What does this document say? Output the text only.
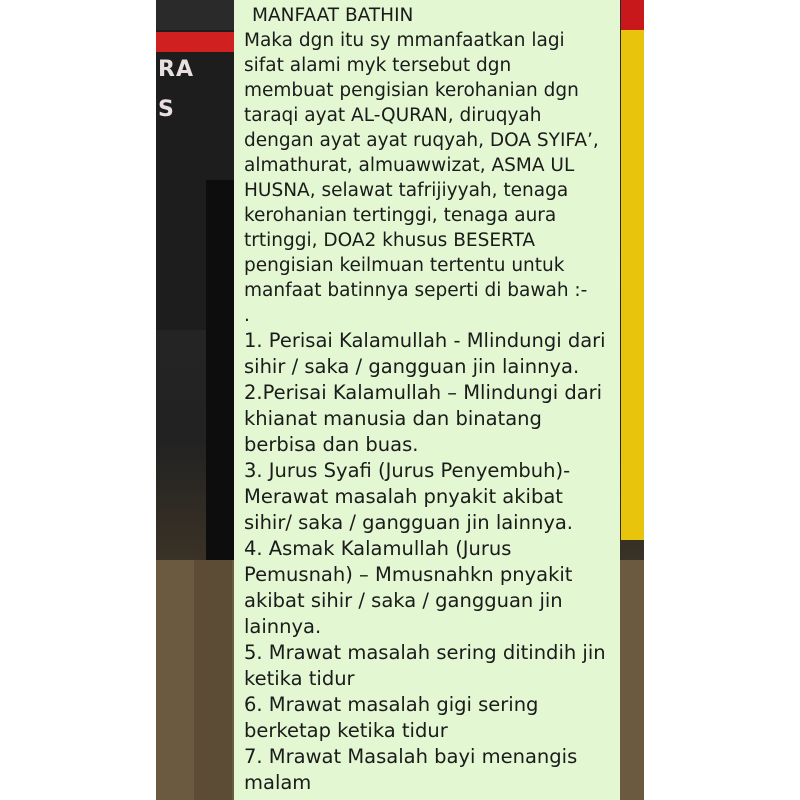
RA
S
MANFAAT BATHIN
Maka dgn itu sy mmanfaatkan lagi
sifat alami myk tersebut dgn
membuat pengisian kerohanian dgn
taraqi ayat AL-QURAN, diruqyah
dengan ayat ayat ruqyah, DOA SYIFA’,
almathurat, almuawwizat, ASMA UL
HUSNA, selawat tafrijiyyah, tenaga
kerohanian tertinggi, tenaga aura
trtinggi, DOA2 khusus BESERTA
pengisian keilmuan tertentu untuk
manfaat batinnya seperti di bawah :-
.
1. Perisai Kalamullah - Mlindungi dari
sihir / saka / gangguan jin lainnya.
2.Perisai Kalamullah – Mlindungi dari
khianat manusia dan binatang
berbisa dan buas.
3. Jurus Syafi (Jurus Penyembuh)-
Merawat masalah pnyakit akibat
sihir/ saka / gangguan jin lainnya.
4. Asmak Kalamullah (Jurus
Pemusnah) – Mmusnahkn pnyakit
akibat sihir / saka / gangguan jin
lainnya.
5. Mrawat masalah sering ditindih jin
ketika tidur
6. Mrawat masalah gigi sering
berketap ketika tidur
7. Mrawat Masalah bayi menangis
malam
